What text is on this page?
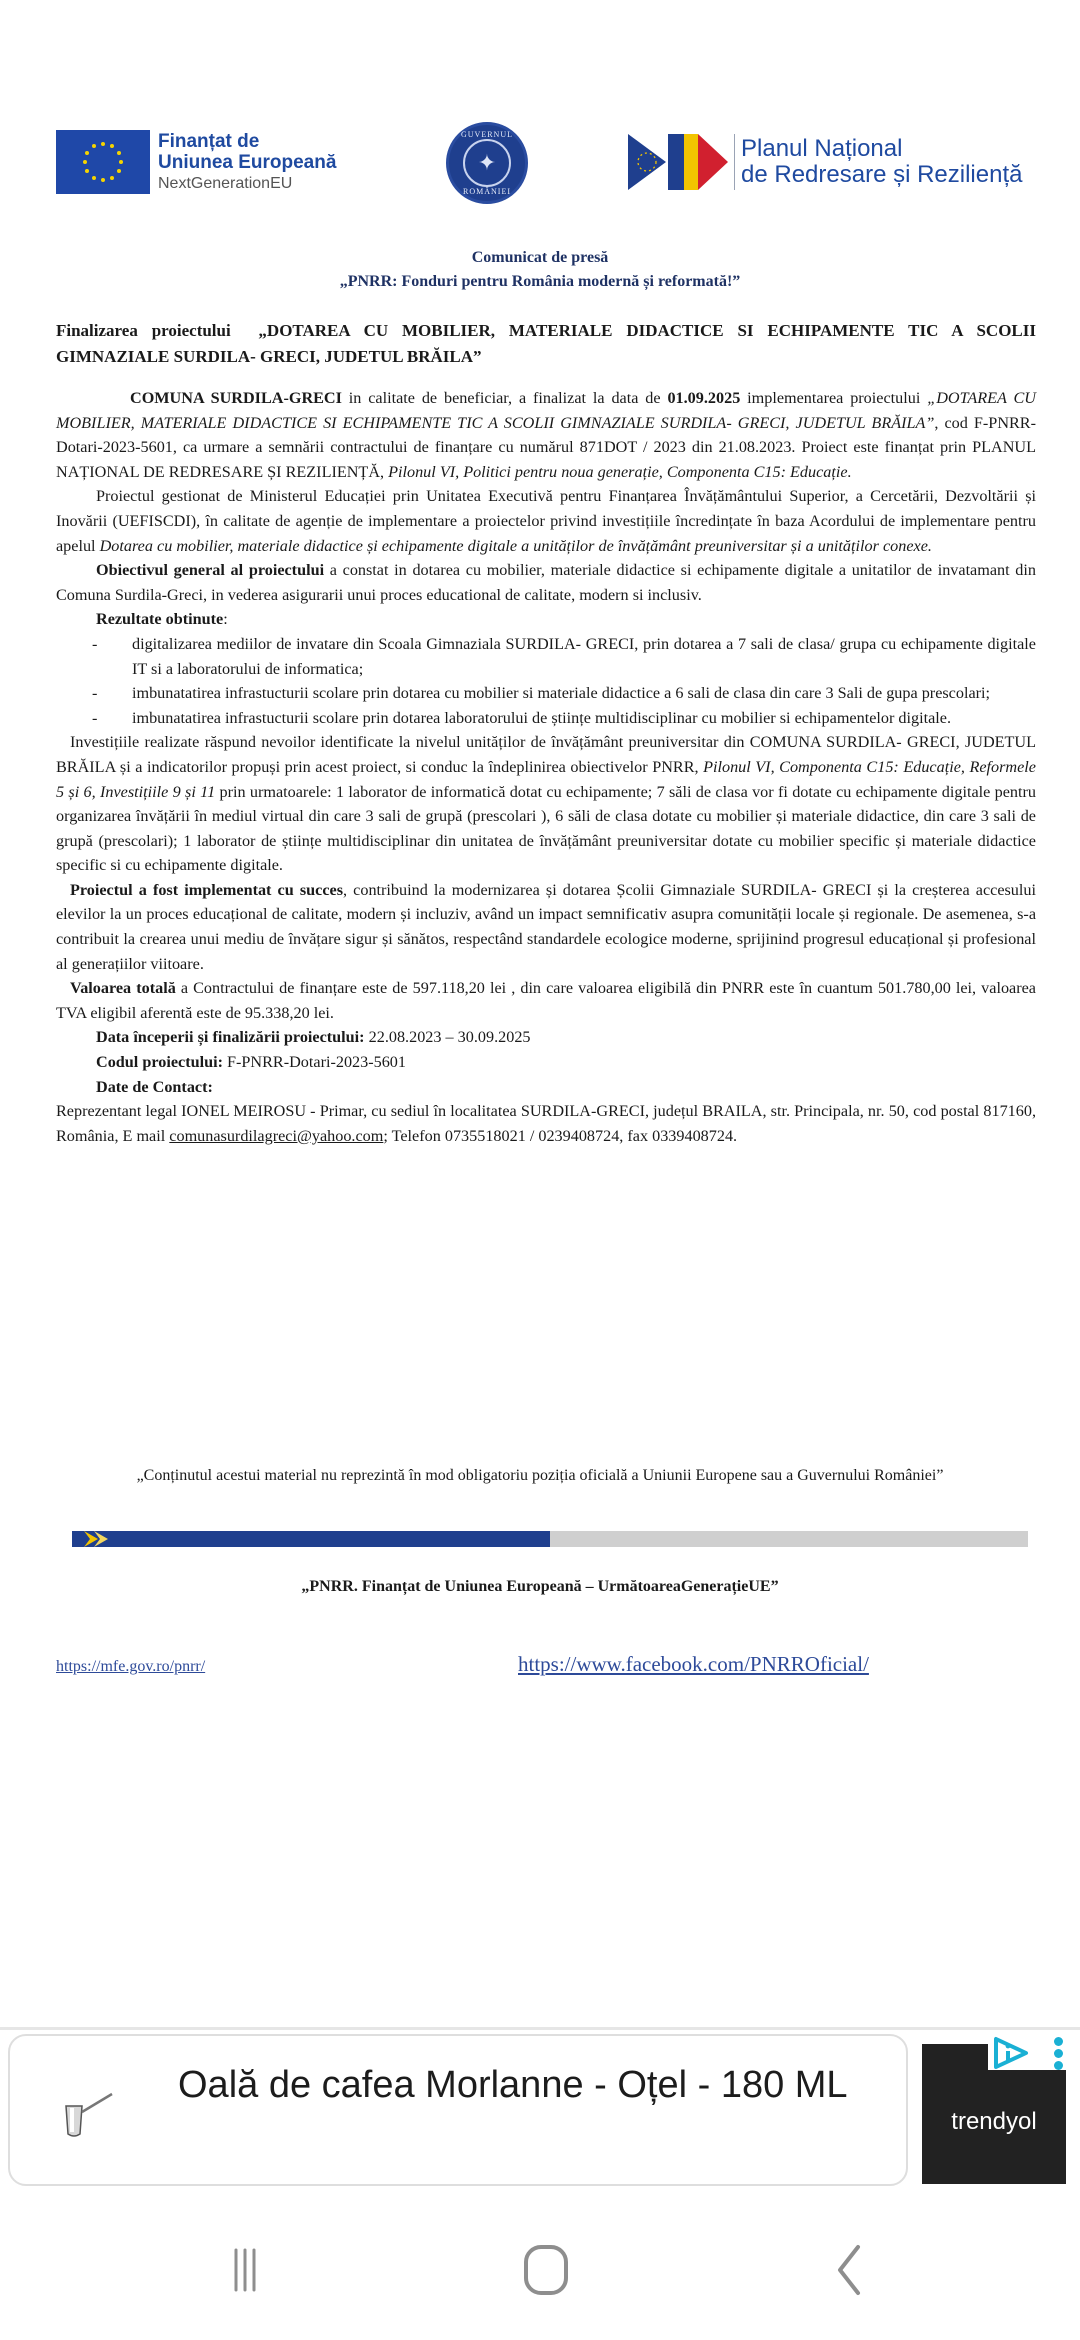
Finanțat de
Uniunea Europeană
NextGenerationEU
GUVERNUL
✦
ROMÂNIEI
Planul Național
de Redresare și Reziliență
Comunicat de presă
„PNRR: Fonduri pentru România modernă și reformată!”

Finalizarea proiectului „DOTAREA CU MOBILIER, MATERIALE DIDACTICE SI ECHIPAMENTE TIC A SCOLII GIMNAZIALE SURDILA- GRECI, JUDETUL BRĂILA”

COMUNA SURDILA-GRECI in calitate de beneficiar, a finalizat la data de 01.09.2025 implementarea proiectului „DOTAREA CU MOBILIER, MATERIALE DIDACTICE SI ECHIPAMENTE TIC A SCOLII GIMNAZIALE SURDILA- GRECI, JUDETUL BRĂILA”, cod F-PNRR-Dotari-2023-5601, ca urmare a semnării contractului de finanțare cu numărul 871DOT / 2023 din 21.08.2023. Proiect este finanțat prin PLANUL NAȚIONAL DE REDRESARE ȘI REZILIENȚĂ, Pilonul VI, Politici pentru noua generație, Componenta C15: Educație.

Proiectul gestionat de Ministerul Educației prin Unitatea Executivă pentru Finanțarea Învățământului Superior, a Cercetării, Dezvoltării și Inovării (UEFISCDI), în calitate de agenție de implementare a proiectelor privind investițiile încredințate în baza Acordului de implementare pentru apelul Dotarea cu mobilier, materiale didactice și echipamente digitale a unităților de învățământ preuniversitar și a unităților conexe.

Obiectivul general al proiectului a constat in dotarea cu mobilier, materiale didactice si echipamente digitale a unitatilor de invatamant din Comuna Surdila-Greci, in vederea asigurarii unui proces educational de calitate, modern si inclusiv.

Rezultate obtinute:

- digitalizarea mediilor de invatare din Scoala Gimnaziala SURDILA- GRECI, prin dotarea a 7 sali de clasa/ grupa cu echipamente digitale IT si a laboratorului de informatica;
- imbunatatirea infrastucturii scolare prin dotarea cu mobilier si materiale didactice a 6 sali de clasa din care 3 Sali de gupa prescolari;
- imbunatatirea infrastucturii scolare prin dotarea laboratorului de științe multidisciplinar cu mobilier si echipamentelor digitale.

Investițiile realizate răspund nevoilor identificate la nivelul unităților de învățământ preuniversitar din COMUNA SURDILA- GRECI, JUDETUL BRĂILA și a indicatorilor propuși prin acest proiect, si conduc la îndeplinirea obiectivelor PNRR, Pilonul VI, Componenta C15: Educație, Reformele 5 și 6, Investițiile 9 și 11 prin urmatoarele: 1 laborator de informatică dotat cu echipamente; 7 săli de clasa vor fi dotate cu echipamente digitale pentru organizarea învățării în mediul virtual din care 3 sali de grupă (prescolari ), 6 săli de clasa dotate cu mobilier și materiale didactice, din care 3 sali de grupă (prescolari); 1 laborator de științe multidisciplinar din unitatea de învățământ preuniversitar dotate cu mobilier specific și materiale didactice specific si cu echipamente digitale.

Proiectul a fost implementat cu succes, contribuind la modernizarea și dotarea Școlii Gimnaziale SURDILA- GRECI și la creșterea accesului elevilor la un proces educațional de calitate, modern și incluziv, având un impact semnificativ asupra comunității locale și regionale. De asemenea, s-a contribuit la crearea unui mediu de învățare sigur și sănătos, respectând standardele ecologice moderne, sprijinind progresul educațional și profesional al generațiilor viitoare.

Valoarea totală a Contractului de finanțare este de 597.118,20 lei , din care valoarea eligibilă din PNRR este în cuantum 501.780,00 lei, valoarea TVA eligibil aferentă este de 95.338,20 lei.

Data începerii și finalizării proiectului: 22.08.2023 – 30.09.2025

Codul proiectului: F-PNRR-Dotari-2023-5601

Date de Contact:

Reprezentant legal IONEL MEIROSU - Primar, cu sediul în localitatea SURDILA-GRECI, județul BRAILA, str. Principala, nr. 50, cod postal 817160, România, E mail comunasurdilagreci@yahoo.com; Telefon 0735518021 / 0239408724, fax 0339408724.

„Conținutul acestui material nu reprezintă în mod obligatoriu poziția oficială a Uniunii Europene sau a Guvernului României”
„PNRR. Finanțat de Uniunea Europeană – UrmătoareaGenerațieUE”
https://mfe.gov.ro/pnrr/	https://www.facebook.com/PNRROficial/
Oală de cafea Morlanne - Oțel - 180 ML
trendyol
